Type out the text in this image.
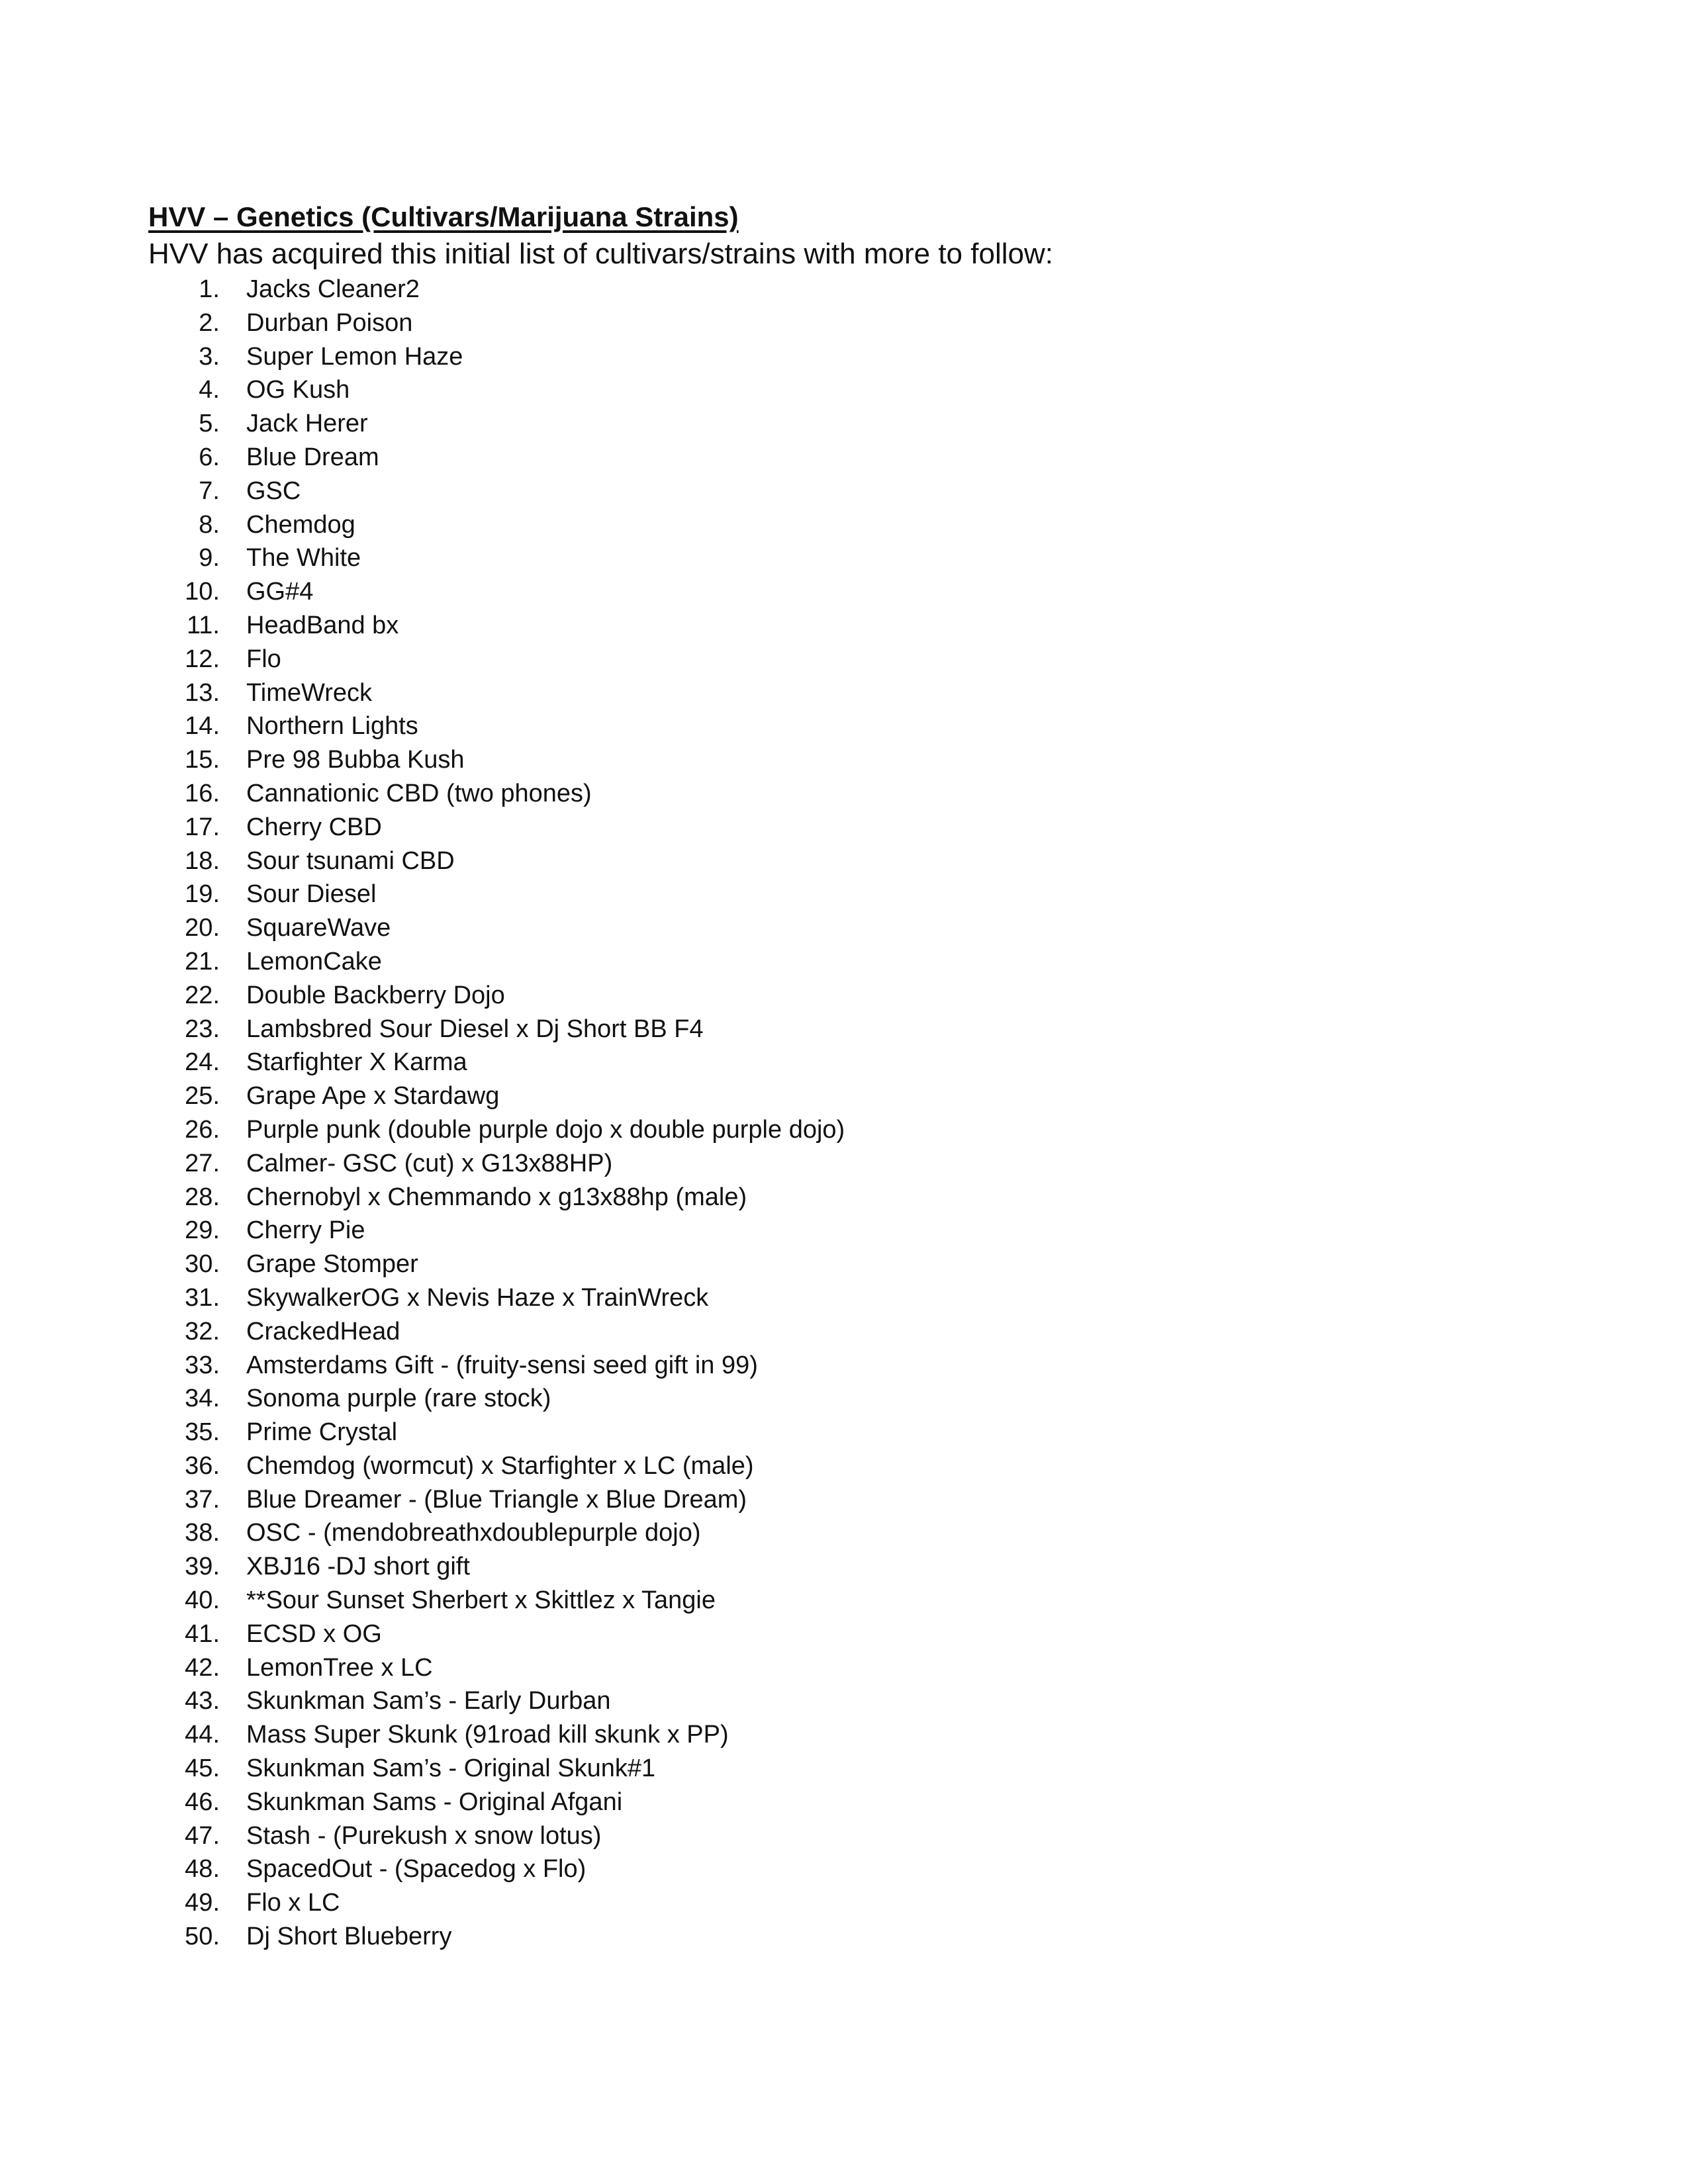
HVV – Genetics (Cultivars/Marijuana Strains)
HVV has acquired this initial list of cultivars/strains with more to follow:
1. Jacks Cleaner2
2. Durban Poison
3. Super Lemon Haze
4. OG Kush
5. Jack Herer
6. Blue Dream
7. GSC
8. Chemdog
9. The White
10. GG#4
11. HeadBand bx
12. Flo
13. TimeWreck
14. Northern Lights
15. Pre 98 Bubba Kush
16. Cannationic CBD (two phones)
17. Cherry CBD
18. Sour tsunami CBD
19. Sour Diesel
20. SquareWave
21. LemonCake
22. Double Backberry Dojo
23. Lambsbred Sour Diesel x Dj Short BB F4
24. Starfighter X Karma
25. Grape Ape x Stardawg
26. Purple punk (double purple dojo x double purple dojo)
27. Calmer- GSC (cut) x G13x88HP)
28. Chernobyl x Chemmando x g13x88hp (male)
29. Cherry Pie
30. Grape Stomper
31. SkywalkerOG x Nevis Haze x TrainWreck
32. CrackedHead
33. Amsterdams Gift - (fruity-sensi seed gift in 99)
34. Sonoma purple (rare stock)
35. Prime Crystal
36. Chemdog (wormcut) x Starfighter x LC (male)
37. Blue Dreamer - (Blue Triangle x Blue Dream)
38. OSC - (mendobreathxdoublepurple dojo)
39. XBJ16 -DJ short gift
40. **Sour Sunset Sherbert x Skittlez x Tangie
41. ECSD x OG
42. LemonTree x LC
43. Skunkman Sam’s - Early Durban
44. Mass Super Skunk (91road kill skunk x PP)
45. Skunkman Sam’s - Original Skunk#1
46. Skunkman Sams - Original Afgani
47. Stash - (Purekush x snow lotus)
48. SpacedOut - (Spacedog x Flo)
49. Flo x LC
50. Dj Short Blueberry
